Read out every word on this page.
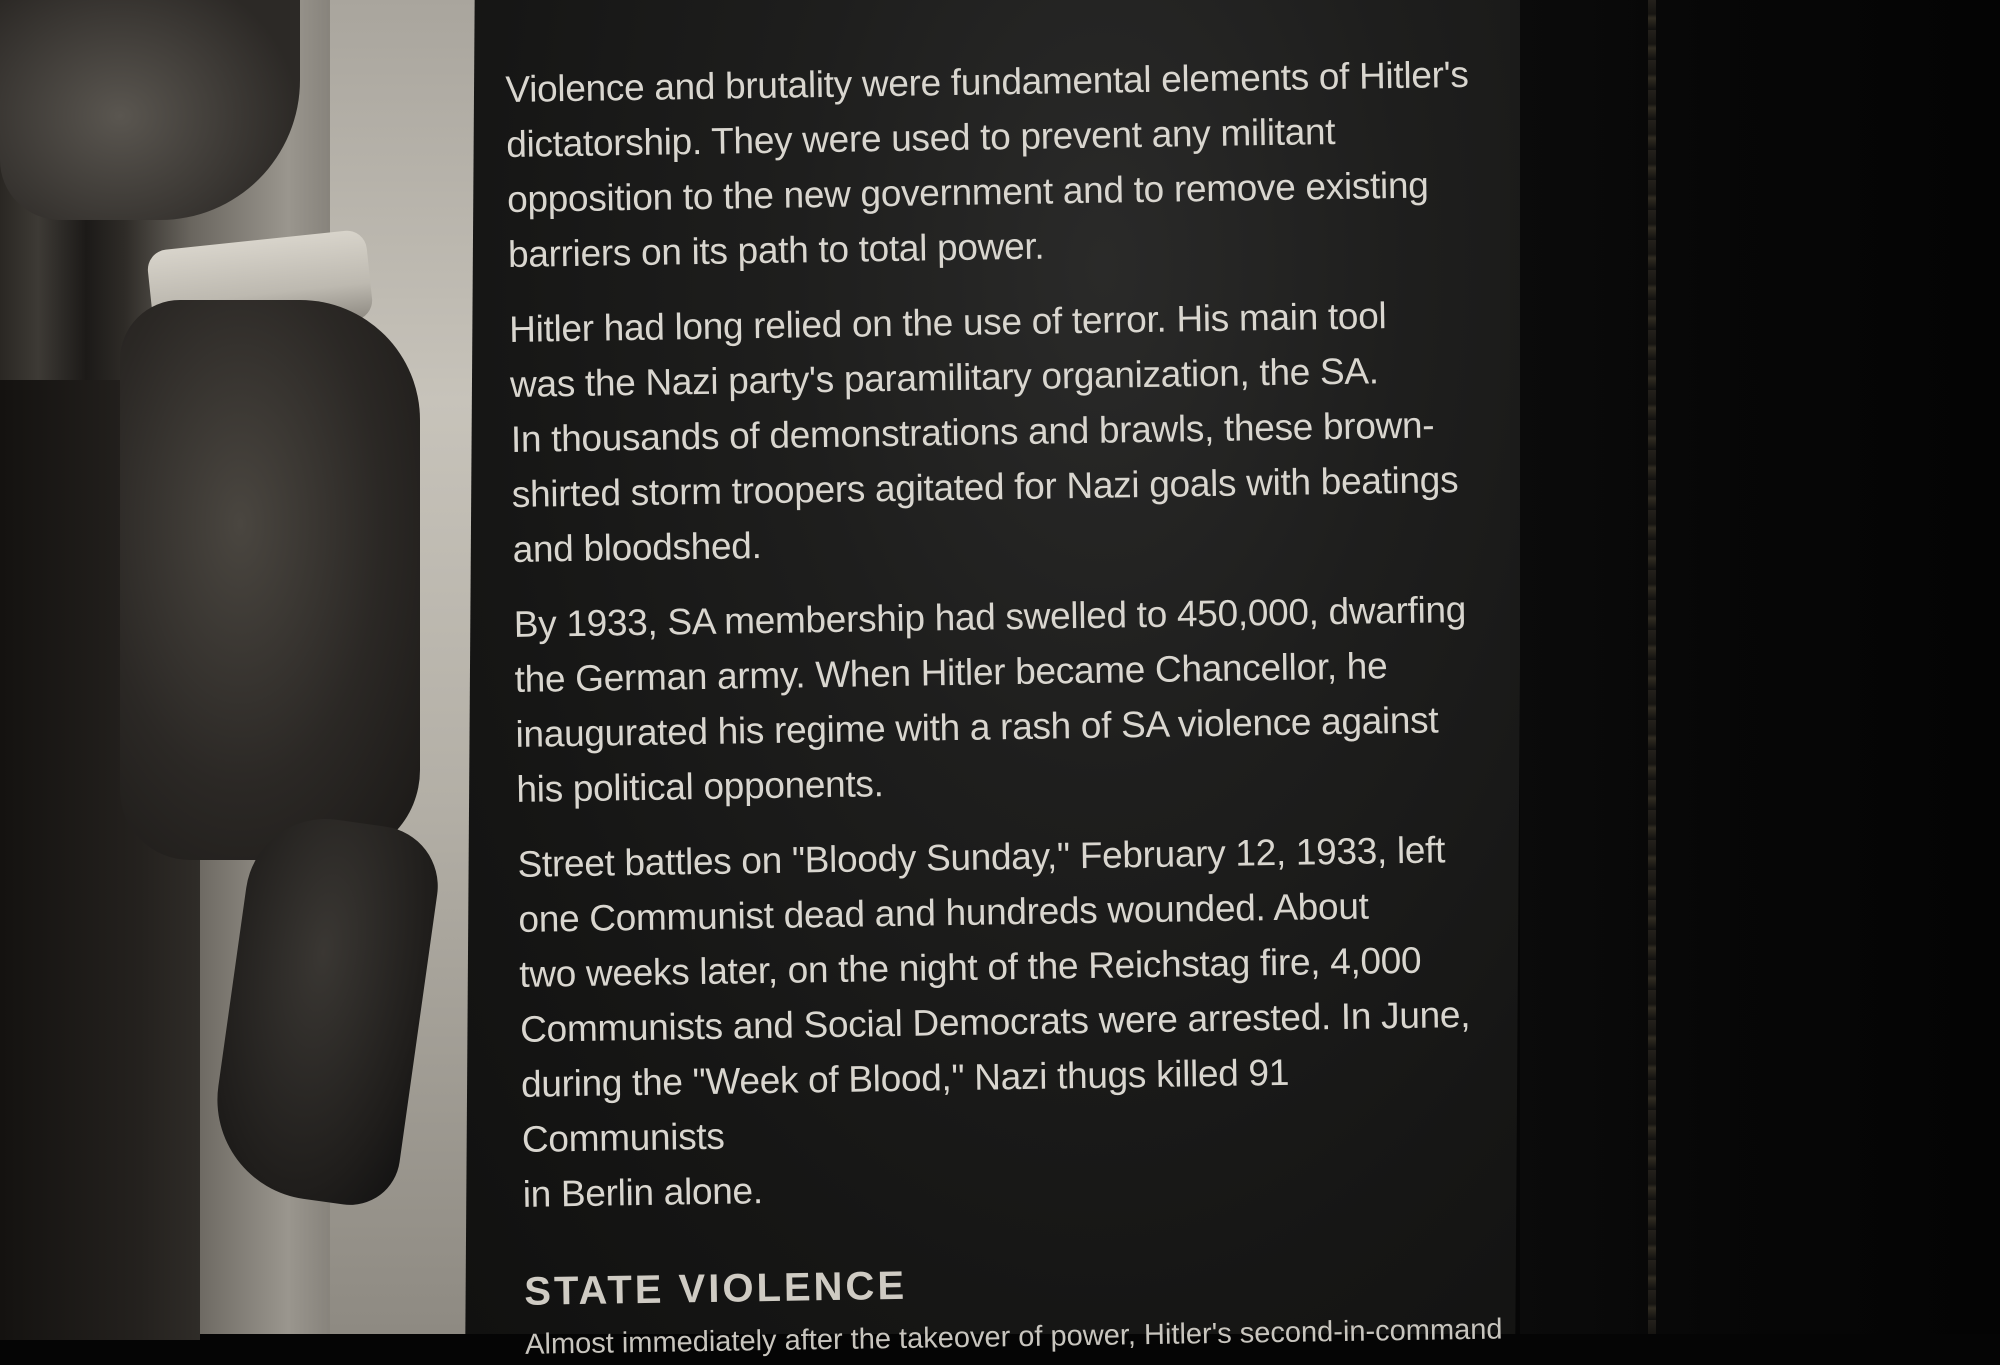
Violence and brutality were fundamental elements of Hitler's
dictatorship. They were used to prevent any militant
opposition to the new government and to remove existing
barriers on its path to total power.

Hitler had long relied on the use of terror. His main tool
was the Nazi party's paramilitary organization, the SA.
In thousands of demonstrations and brawls, these brown-
shirted storm troopers agitated for Nazi goals with beatings
and bloodshed.

By 1933, SA membership had swelled to 450,000, dwarfing
the German army. When Hitler became Chancellor, he
inaugurated his regime with a rash of SA violence against
his political opponents.

Street battles on "Bloody Sunday," February 12, 1933, left
one Communist dead and hundreds wounded. About
two weeks later, on the night of the Reichstag fire, 4,000
Communists and Social Democrats were arrested. In June,
during the "Week of Blood," Nazi thugs killed 91 Communists
in Berlin alone.

STATE VIOLENCE

Almost immediately after the takeover of power, Hitler's second-in-command
